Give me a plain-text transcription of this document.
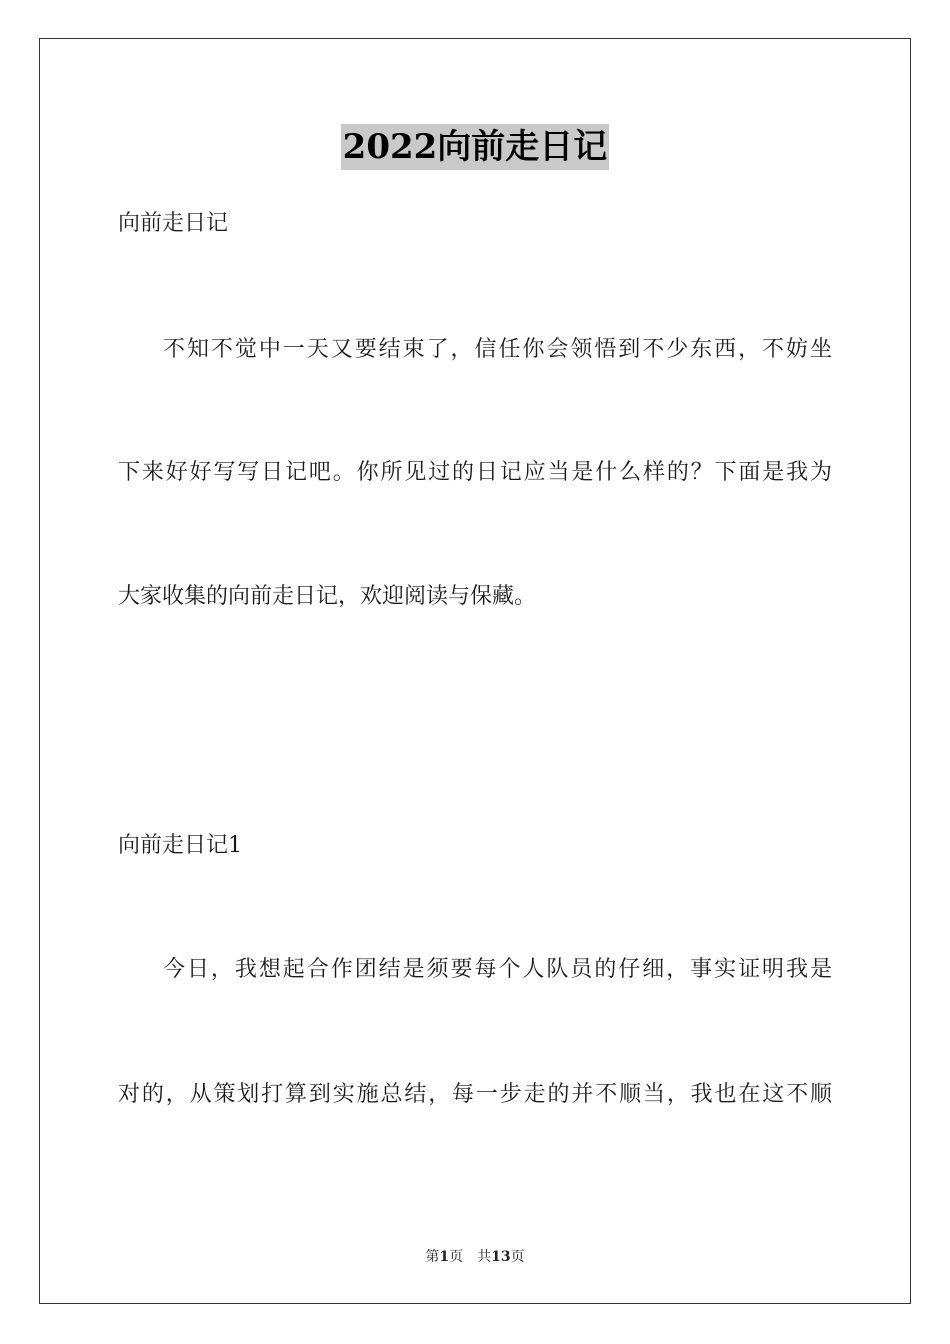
2022向前走日记
向前走日记
不知不觉中一天又要结束了，信任你会领悟到不少东西，不妨坐
下来好好写写日记吧。你所见过的日记应当是什么样的？下面是我为
大家收集的向前走日记，欢迎阅读与保藏。
向前走日记1
今日，我想起合作团结是须要每个人队员的仔细，事实证明我是
对的，从策划打算到实施总结，每一步走的并不顺当，我也在这不顺
第1页 共13页
